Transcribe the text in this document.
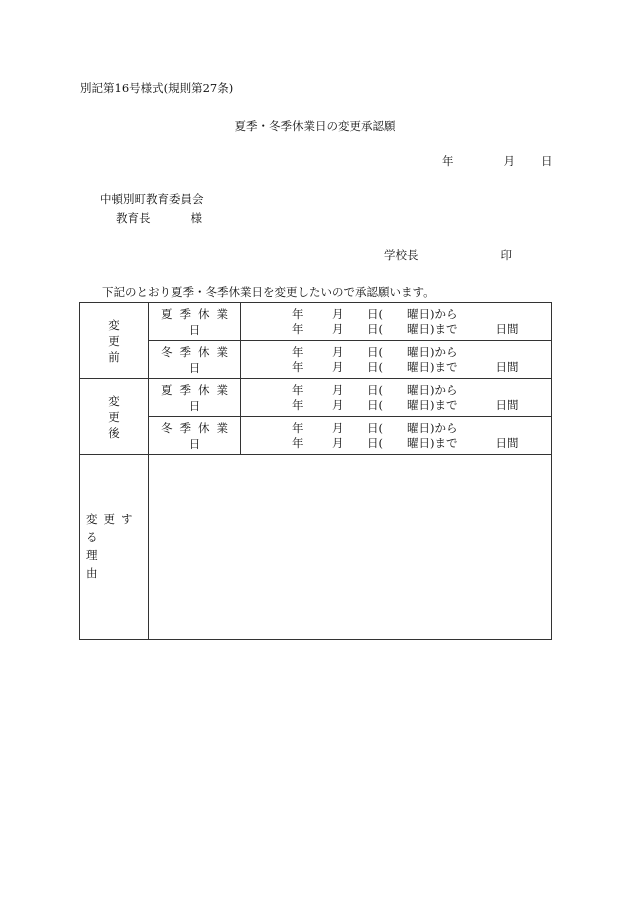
別記第16号様式(規則第27条)
夏季・冬季休業日の変更承認願
年	月 日
中頓別町教育委員会
教育長	様
学校長	印
下記のとおり夏季・冬季休業日を変更したいので承認願います。
変　更　前	夏季休業日	年 月 日( 曜日)から
年 月 日( 曜日)まで 日間

	冬季休業日	年 月 日( 曜日)から
年 月 日( 曜日)まで 日間

変　更　後	夏季休業日	年 月 日( 曜日)から
年 月 日( 曜日)まで 日間

	冬季休業日	年 月 日( 曜日)から
年 月 日( 曜日)まで 日間

変更する
理由		
